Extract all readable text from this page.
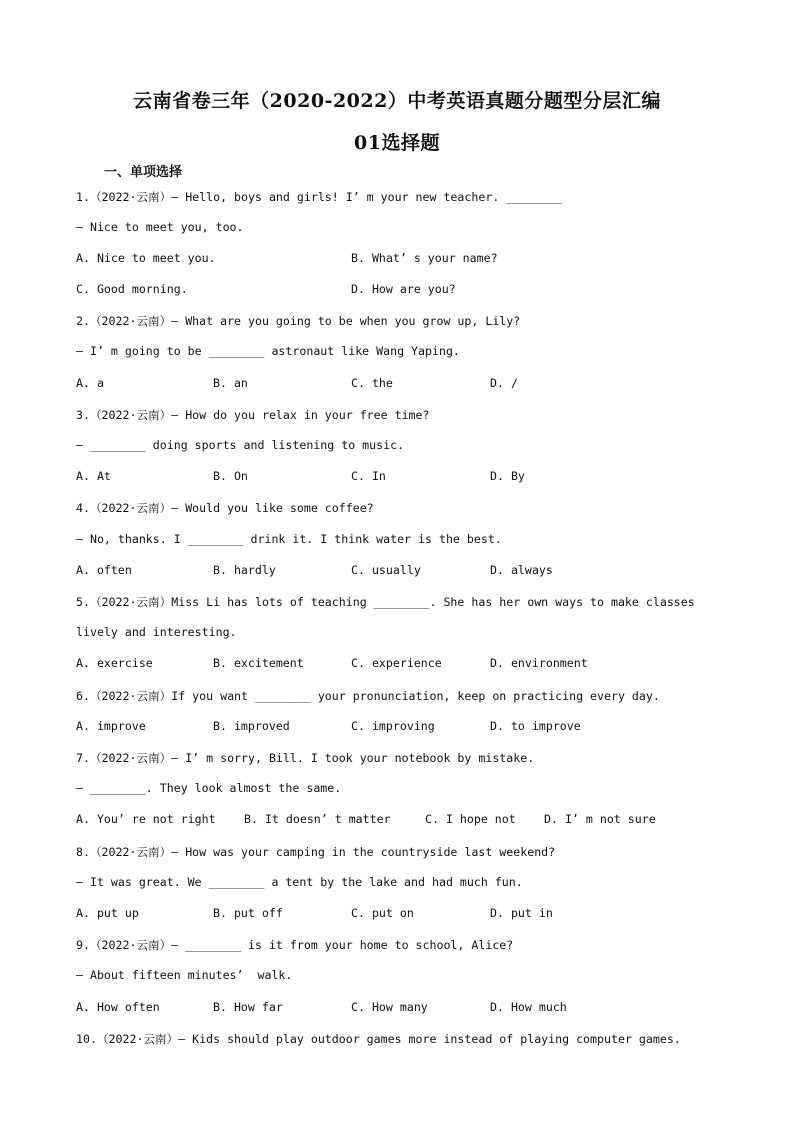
云南省卷三年（2020-2022）中考英语真题分题型分层汇编
01选择题
一、单项选择
1.（2022·云南）— Hello, boys and girls! I’ m your new teacher. ________
— Nice to meet you, too.
A. Nice to meet you.	B. What’ s your name?
C. Good morning.	D. How are you?
2.（2022·云南）— What are you going to be when you grow up, Lily?
— I’ m going to be ________ astronaut like Wang Yaping.
A. a	B. an	C. the	D. /
3.（2022·云南）— How do you relax in your free time?
— ________ doing sports and listening to music.
A. At	B. On	C. In	D. By
4.（2022·云南）— Would you like some coffee?
— No, thanks. I ________ drink it. I think water is the best.
A. often	B. hardly	C. usually	D. always
5.（2022·云南）Miss Li has lots of teaching ________. She has her own ways to make classes
lively and interesting.
A. exercise	B. excitement	C. experience	D. environment
6.（2022·云南）If you want ________ your pronunciation, keep on practicing every day.
A. improve	B. improved	C. improving	D. to improve
7.（2022·云南）— I’ m sorry, Bill. I took your notebook by mistake.
— ________. They look almost the same.
A. You’ re not right B. It doesn’ t matter	C. I hope not D. I’ m not sure
8.（2022·云南）— How was your camping in the countryside last weekend?
— It was great. We ________ a tent by the lake and had much fun.
A. put up	B. put off	C. put on	D. put in
9.（2022·云南）— ________ is it from your home to school, Alice?
— About fifteen minutes’  walk.
A. How often	B. How far	C. How many	D. How much
10.（2022·云南）— Kids should play outdoor games more instead of playing computer games.
